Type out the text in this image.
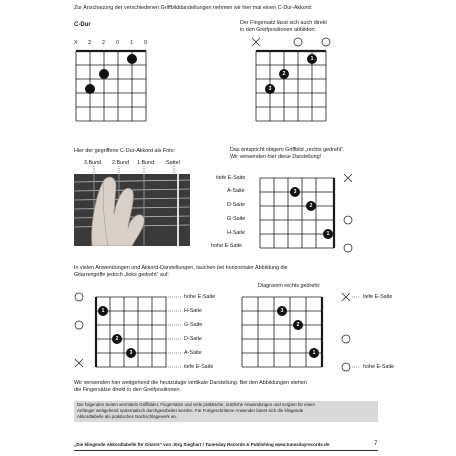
Zur Anschauung der verschiedenen Griffbilddarstellungen nehmen wir hier mal einen C-Dur-Akkord:
C-Dur
X 3 2 0 1 0
Der Fingersatz lässt sich auch direkt
in den Greifpositionen abbilden:
1
2
3
Hier der gegriffene C-Dur-Akkord als Foto:
3.Bund 2.Bund 1.Bund Sattel
Das entspricht obigem Griffbild „rechts gedreht“.
Wir verwenden hier diese Darstellung!
tiefe E-Saite
A-Saite
D-Saite
G-Saite
H-Saite
hohe E-Saite
3
2
1
In vielen Anwendungen und Akkord-Darstellungen, tauchen bei horizontaler Abbildung die
Gitarrengriffe jedoch „links gedreht“ auf:
1
2
3
hohe E-Saite
H-Saite
G-Saite
D-Saite
A-Saite
tiefe E-Saite
Diagramm rechts gedreht:
3
2
1
tiefe E-Saite
hohe E-Saite
Wir verwenden hier weitgehend die heutzutage vertikale Darstellung. Bei den Abbildungen stehen
die Fingersätze direkt in den Greifpositionen.
Die folgenden Seiten vermitteln Griffbilder, Fingersätze und viele praktische, nützliche Anwendungen und sorgten für einen
Anfänger weitgehend systematisch durchgearbeitet werden. Für Fortgeschrittene Anwender bietet sich die klingende
Akkordtabelle als praktisches Nachschlagewerk an.
„Die klingende Akkordtabelle für Gitarre“ von Jörg Sieghart / Tunesday Records & Publishing www.tunesdayrecords.de	7
